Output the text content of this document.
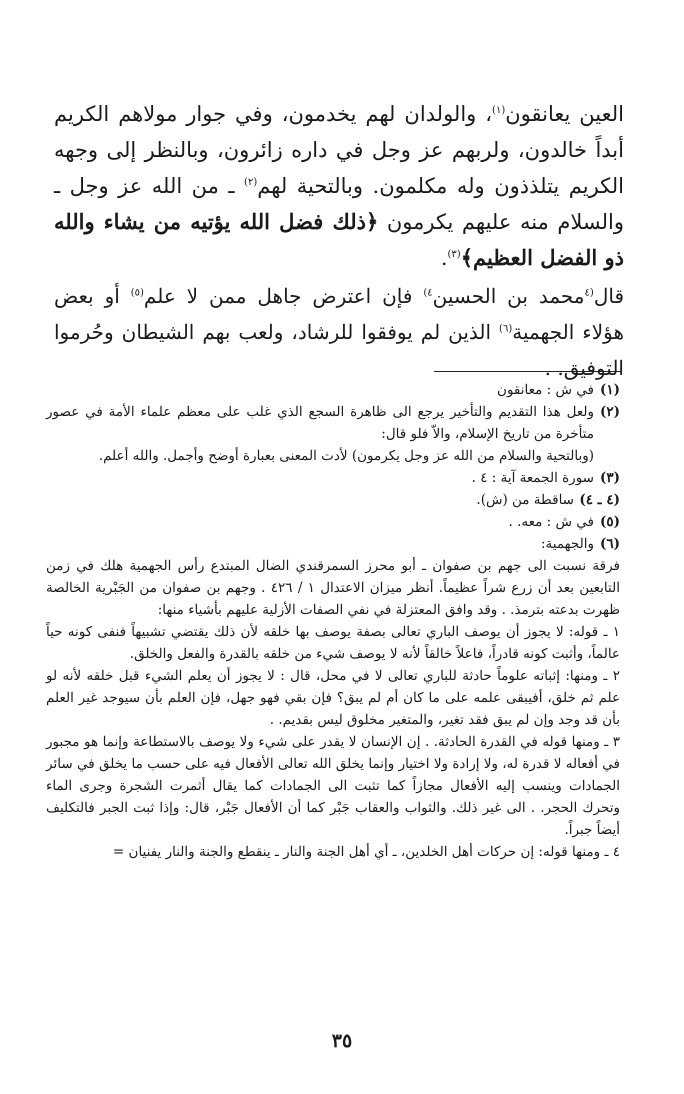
العين يعانقون$^{(١)}$، والولدان لهم يخدمون، وفي جوار مولاهم الكريم أبداً خالدون، ولربهم عز وجل في داره زائرون، وبالنظر إلى وجهه الكريم يتلذذون وله مكلمون. وبالتحية لهم$^{(٢)}$ ـ من الله عز وجل ـ والسلام منه عليهم يكرمون ﴿ذلك فضل الله يؤتيه من يشاء والله ذو الفضل العظيم﴾$^{(٣)}$.

قال$^{(٤}$محمد بن الحسين$^{٤)}$ فإن اعترض جاهل ممن لا علم$^{(٥)}$ أو بعض هؤلاء الجهمية$^{(٦)}$ الذين لم يوفقوا للرشاد، ولعب بهم الشيطان وحُرموا التوفيق. .

(١)
في ش : معانقون
(٢)
ولعل هذا التقديم والتأخير يرجع الى ظاهرة السجع الذي غلب على معظم علماء الأمة في عصور متأخرة من تاريخ الإسلام، والاّ فلو قال:
(وبالتحية والسلام من الله عز وجل يكرمون) لأدت المعنى بعبارة أوضح وأجمل. والله أعلم.
(٣)
سورة الجمعة آية : ٤ .
(٤ ـ ٤)
ساقطة من (ش).
(٥)
في ش : معه. .
(٦)
والجهمية:

فرقة نسبت الى جهم بن صفوان ـ أبو محرز السمرقندي الضال المبتدع رأس الجهمية هلك في زمن التابعين بعد أن زرع شراً عظيماً. أنظر ميزان الاعتدال ١ / ٤٢٦ . وجهم بن صفوان من الجَبْرية الخالصة ظهرت بدعته بترمذ. . وقد وافق المعتزلة في نفي الصفات الأزلية عليهم بأشياء منها:

١ ـ قوله: لا يجوز أن يوصف الباري تعالى بصفة يوصف بها خلقه لأن ذلك يقتضي تشبيهاً فنفى كونه حياً عالماً، وأثبت كونه قادراً، فاعلاً خالقاً لأنه لا يوصف شيء من خلقه بالقدرة والفعل والخلق.

٢ ـ ومنها: إثباته علوماً حادثة للباري تعالى لا في محل، قال : لا يجوز أن يعلم الشيء قبل خلقه لأنه لو علم ثم خلق، أفيبقى علمه على ما كان أم لم يبق؟ فإن بقي فهو جهل، فإن العلم بأن سيوجد غير العلم بأن قد وجد وإن لم يبق فقد تغير، والمتغير مخلوق ليس بقديم. .

٣ ـ ومنها قوله في القدرة الحادثة. . إن الإنسان لا يقدر على شيء ولا يوصف بالاستطاعة وإنما هو مجبور في أفعاله لا قدرة له، ولا إرادة ولا اختيار وإنما يخلق الله تعالى الأفعال فيه على حسب ما يخلق في سائر الجمادات وينسب إليه الأفعال مجازاً كما تثبت الى الجمادات كما يقال أثمرت الشجرة وجرى الماء وتحرك الحجر. . الى غير ذلك. والثواب والعقاب جَبْر كما أن الأفعال جَبْر، قال: وإذا ثبت الجبر فالتكليف أيضاً جبراً.

٤ ـ ومنها قوله: إن حركات أهل الخلدين، ـ أي أهل الجنة والنار ـ ينقطع والجنة والنار يفنيان =

٣٥
